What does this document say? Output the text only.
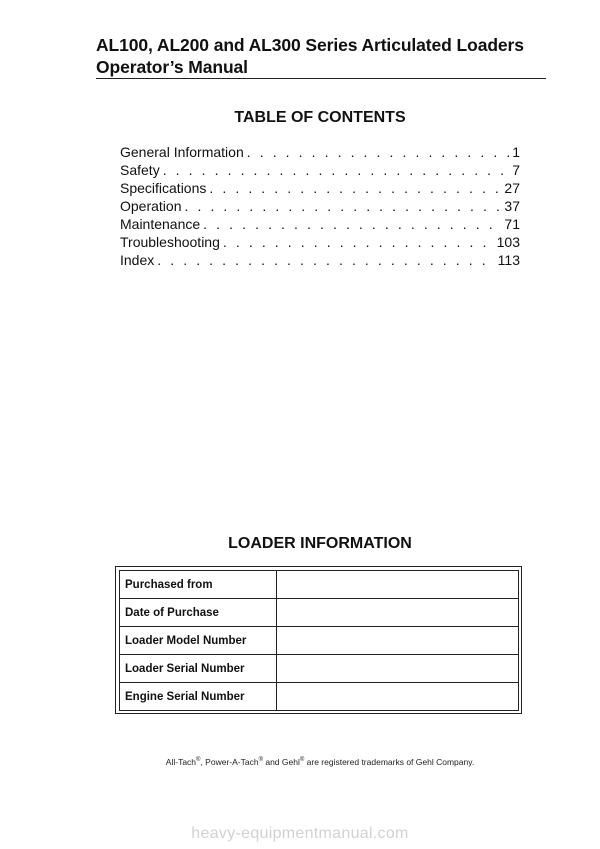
AL100, AL200 and AL300 Series Articulated Loaders
Operator’s Manual
TABLE OF CONTENTS
General Information . . .	1
Safety . . .	7
Specifications . . .	27
Operation . . .	37
Maintenance . . .	71
Troubleshooting . . .	103
Index . . .	113
LOADER INFORMATION
Purchased from	
Date of Purchase	
Loader Model Number	
Loader Serial Number	
Engine Serial Number	
All-Tach®, Power-A-Tach® and Gehl® are registered trademarks of Gehl Company.
heavy-equipmentmanual.com
